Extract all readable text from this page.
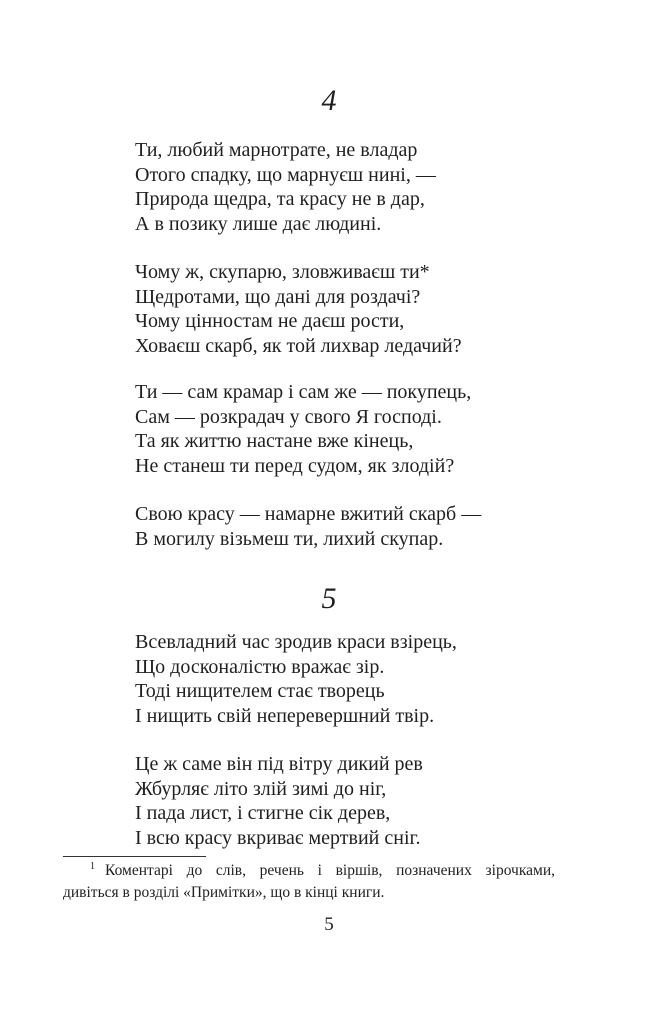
4
Ти, любий марнотрате, не владар
Отого спадку, що марнуєш нині, —
Природа щедра, та красу не в дар,
А в позику лише дає людині.
Чому ж, скупарю, зловживаєш ти*
Щедротами, що дані для роздачі?
Чому цінностам не даєш рости,
Ховаєш скарб, як той лихвар ледачий?
Ти — сам крамар і сам же — покупець,
Сам — розкрадач у свого Я господі.
Та як життю настане вже кінець,
Не станеш ти перед судом, як злодій?
Свою красу — намарне вжитий скарб —
В могилу візьмеш ти, лихий скупар.
5
Всевладний час зродив краси взірець,
Що досконалістю вражає зір.
Тоді нищителем стає творець
І нищить свій неперевершний твір.
Це ж саме він під вітру дикий рев
Жбурляє літо злій зимі до ніг,
І пада лист, і стигне сік дерев,
І всю красу вкриває мертвий сніг.
$^1$ Коментарі до слів, речень і віршів, позначених зірочками,
дивіться в розділі «Примітки», що в кінці книги.
5
